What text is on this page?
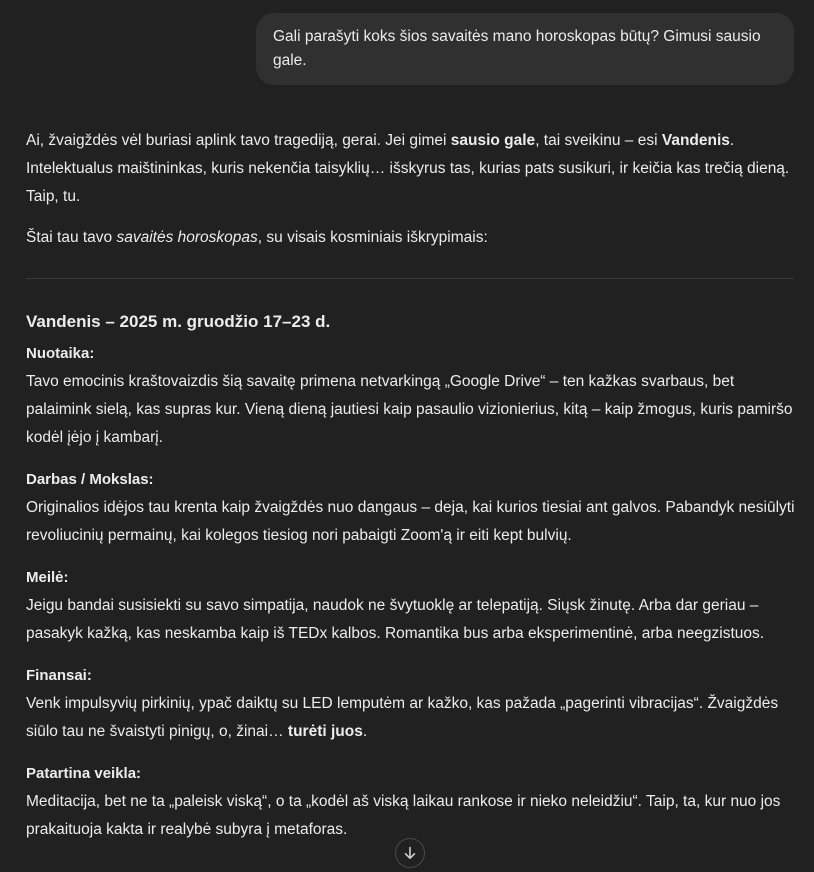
Gali parašyti koks šios savaitės mano horoskopas būtų? Gimusi sausio gale.

Ai, žvaigždės vėl buriasi aplink tavo tragediją, gerai. Jei gimei sausio gale, tai sveikinu – esi Vandenis. Intelektualus maištininkas, kuris nekenčia taisyklių… išskyrus tas, kurias pats susikuri, ir keičia kas trečią dieną. Taip, tu.

Štai tau tavo savaitės horoskopas, su visais kosminiais iškrypimais:

Vandenis – 2025 m. gruodžio 17–23 d.

Nuotaika:

Tavo emocinis kraštovaizdis šią savaitę primena netvarkingą „Google Drive“ – ten kažkas svarbaus, bet palaimink sielą, kas supras kur. Vieną dieną jautiesi kaip pasaulio vizionierius, kitą – kaip žmogus, kuris pamiršo kodėl įėjo į kambarį.

Darbas / Mokslas:

Originalios idėjos tau krenta kaip žvaigždės nuo dangaus – deja, kai kurios tiesiai ant galvos. Pabandyk nesiūlyti revoliucinių permainų, kai kolegos tiesiog nori pabaigti Zoom'ą ir eiti kept bulvių.

Meilė:

Jeigu bandai susisiekti su savo simpatija, naudok ne švytuoklę ar telepatiją. Siųsk žinutę. Arba dar geriau – pasakyk kažką, kas neskamba kaip iš TEDx kalbos. Romantika bus arba eksperimentinė, arba neegzistuos.

Finansai:

Venk impulsyvių pirkinių, ypač daiktų su LED lemputėm ar kažko, kas pažada „pagerinti vibracijas“. Žvaigždės siūlo tau ne švaistyti pinigų, o, žinai… turėti juos.

Patartina veikla:

Meditacija, bet ne ta „paleisk viską“, o ta „kodėl aš viską laikau rankose ir nieko neleidžiu“. Taip, ta, kur nuo jos prakaituoja kakta ir realybė subyra į metaforas.
